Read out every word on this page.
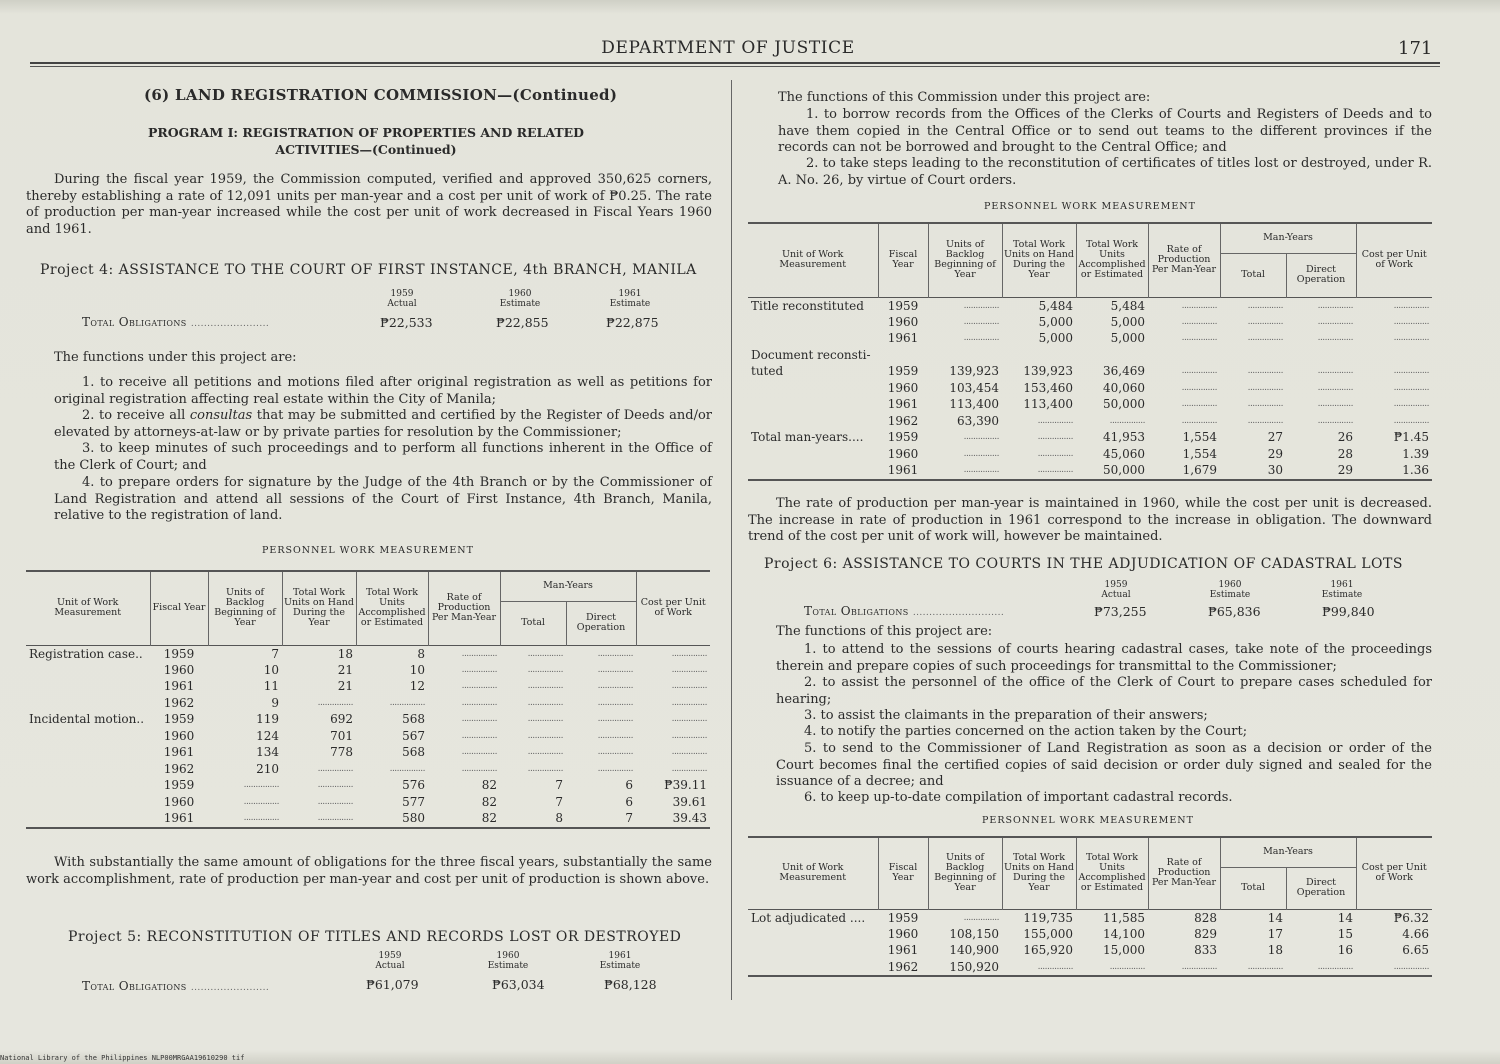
DEPARTMENT OF JUSTICE	171
(6) LAND REGISTRATION COMMISSION—(Continued)
PROGRAM I: REGISTRATION OF PROPERTIES AND RELATED
ACTIVITIES—(Continued)
During the fiscal year 1959, the Commission computed, verified and approved 350,625 corners, thereby establishing a rate of 12,091 units per man-year and a cost per unit of work of ₱0.25. The rate of production per man-year increased while the cost per unit of work decreased in Fiscal Years 1960 and 1961.
Project 4: ASSISTANCE TO THE COURT OF FIRST INSTANCE, 4th BRANCH, MANILA
1959
Actual
1960
Estimate
1961
Estimate
Total Obligations ........................	₱22,533	₱22,855	₱22,875
The functions under this project are:
1. to receive all petitions and motions filed after original registration as well as petitions for original registration affecting real estate within the City of Manila;
2. to receive all consultas that may be submitted and certified by the Register of Deeds and/or elevated by attorneys-at-law or by private parties for resolution by the Commissioner;
3. to keep minutes of such proceedings and to perform all functions inherent in the Office of the Clerk of Court; and
4. to prepare orders for signature by the Judge of the 4th Branch or by the Commissioner of Land Registration and attend all sessions of the Court of First Instance, 4th Branch, Manila, relative to the registration of land.
PERSONNEL WORK MEASUREMENT
Unit of Work Measurement	Fiscal Year	Units of Backlog Beginning of Year	Total Work Units on Hand During the Year	Total Work Units Accomplished or Estimated	Rate of Production Per Man-Year	Man-Years		Cost per Unit of Work
						Total	Direct Operation	
Registration case..	1959	7	18	8	...............	...............	...............	...............
	1960	10	21	10	...............	...............	...............	...............
	1961	11	21	12	...............	...............	...............	...............
	1962	9	...............	...............	...............	...............	...............	...............
Incidental motion..	1959	119	692	568	...............	...............	...............	...............
	1960	124	701	567	...............	...............	...............	...............
	1961	134	778	568	...............	...............	...............	...............
	1962	210	...............	...............	...............	...............	...............	...............
	1959	...............	...............	576	82	7	6	₱39.11
	1960	...............	...............	577	82	7	6	39.61
	1961	...............	...............	580	82	8	7	39.43
With substantially the same amount of obligations for the three fiscal years, substantially the same work accomplishment, rate of production per man-year and cost per unit of production is shown above.
Project 5: RECONSTITUTION OF TITLES AND RECORDS LOST OR DESTROYED
1959
Actual
1960
Estimate
1961
Estimate
Total Obligations ........................	₱61,079	₱63,034	₱68,128
The functions of this Commission under this project are:
1. to borrow records from the Offices of the Clerks of Courts and Registers of Deeds and to have them copied in the Central Office or to send out teams to the different provinces if the records can not be borrowed and brought to the Central Office; and
2. to take steps leading to the reconstitution of certificates of titles lost or destroyed, under R. A. No. 26, by virtue of Court orders.
PERSONNEL WORK MEASUREMENT
Unit of Work Measurement	Fiscal Year	Units of Backlog Beginning of Year	Total Work Units on Hand During the Year	Total Work Units Accomplished or Estimated	Rate of Production Per Man-Year	Man-Years		Cost per Unit of Work
						Total	Direct Operation	
Title reconstituted	1959	...............	5,484	5,484	...............	...............	...............	...............
	1960	...............	5,000	5,000	...............	...............	...............	...............
	1961	...............	5,000	5,000	...............	...............	...............	...............
Document reconsti-								
tuted	1959	139,923	139,923	36,469	...............	...............	...............	...............
	1960	103,454	153,460	40,060	...............	...............	...............	...............
	1961	113,400	113,400	50,000	...............	...............	...............	...............
	1962	63,390	...............	...............	...............	...............	...............	...............
Total man-years....	1959	...............	...............	41,953	1,554	27	26	₱1.45
	1960	...............	...............	45,060	1,554	29	28	1.39
	1961	...............	...............	50,000	1,679	30	29	1.36
The rate of production per man-year is maintained in 1960, while the cost per unit is decreased. The increase in rate of production in 1961 correspond to the increase in obligation. The downward trend of the cost per unit of work will, however be maintained.
Project 6: ASSISTANCE TO COURTS IN THE ADJUDICATION OF CADASTRAL LOTS
1959
Actual
1960
Estimate
1961
Estimate
Total Obligations ............................	₱73,255	₱65,836	₱99,840
The functions of this project are:
1. to attend to the sessions of courts hearing cadastral cases, take note of the proceedings therein and prepare copies of such proceedings for transmittal to the Commissioner;
2. to assist the personnel of the office of the Clerk of Court to prepare cases scheduled for hearing;
3. to assist the claimants in the preparation of their answers;
4. to notify the parties concerned on the action taken by the Court;
5. to send to the Commissioner of Land Registration as soon as a decision or order of the Court becomes final the certified copies of said decision or order duly signed and sealed for the issuance of a decree; and
6. to keep up-to-date compilation of important cadastral records.
PERSONNEL WORK MEASUREMENT
Unit of Work Measurement	Fiscal Year	Units of Backlog Beginning of Year	Total Work Units on Hand During the Year	Total Work Units Accomplished or Estimated	Rate of Production Per Man-Year	Man-Years		Cost per Unit of Work
						Total	Direct Operation	
Lot adjudicated ....	1959	...............	119,735	11,585	828	14	14	₱6.32
	1960	108,150	155,000	14,100	829	17	15	4.66
	1961	140,900	165,920	15,000	833	18	16	6.65
	1962	150,920	...............	...............	...............	...............	...............	...............
National Library of the Philippines NLP00MRGAA19610290 tif
